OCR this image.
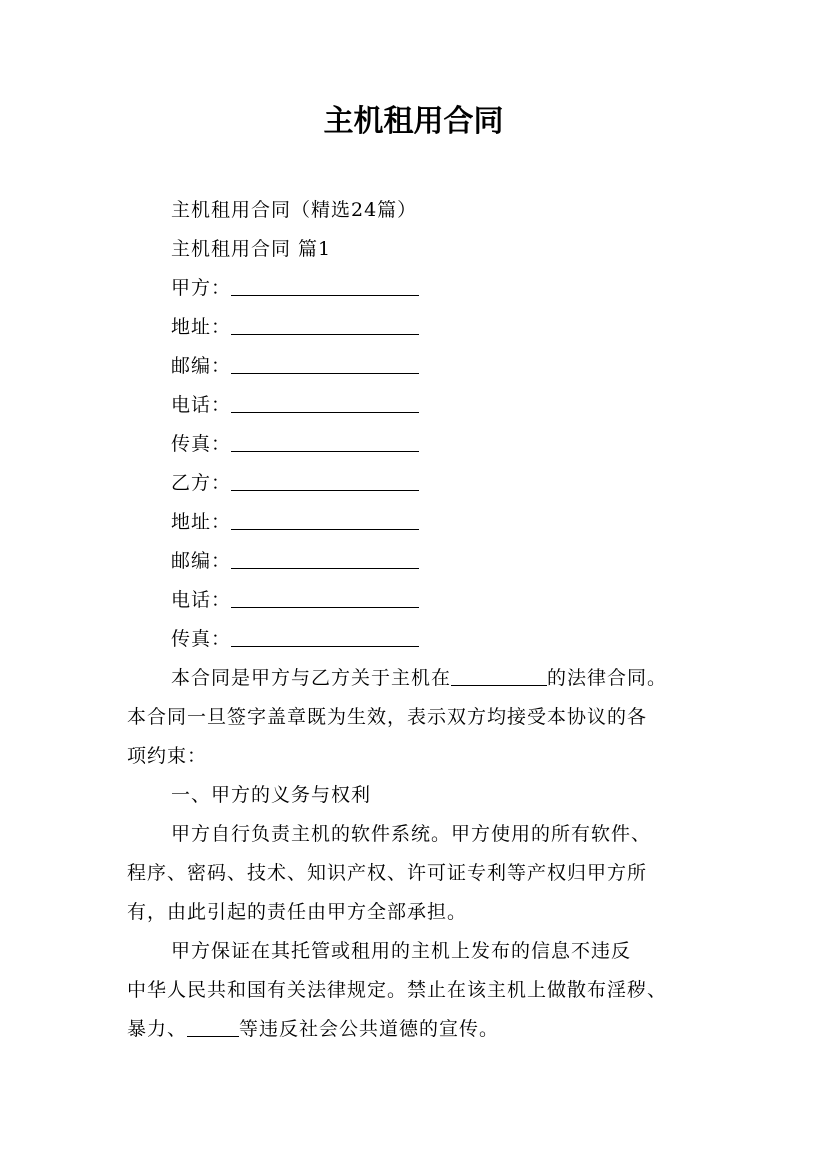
主机租用合同

主机租用合同（精选24篇）

主机租用合同 篇1

甲方：

地址：

邮编：

电话：

传真：

乙方：

地址：

邮编：

电话：

传真：

本合同是甲方与乙方关于主机在	的法律合同。

本合同一旦签字盖章既为生效，表示双方均接受本协议的各

项约束：

一、甲方的义务与权利

甲方自行负责主机的软件系统。甲方使用的所有软件、

程序、密码、技术、知识产权、许可证专利等产权归甲方所

有，由此引起的责任由甲方全部承担。

甲方保证在其托管或租用的主机上发布的信息不违反

中华人民共和国有关法律规定。禁止在该主机上做散布淫秽、

暴力、	等违反社会公共道德的宣传。
